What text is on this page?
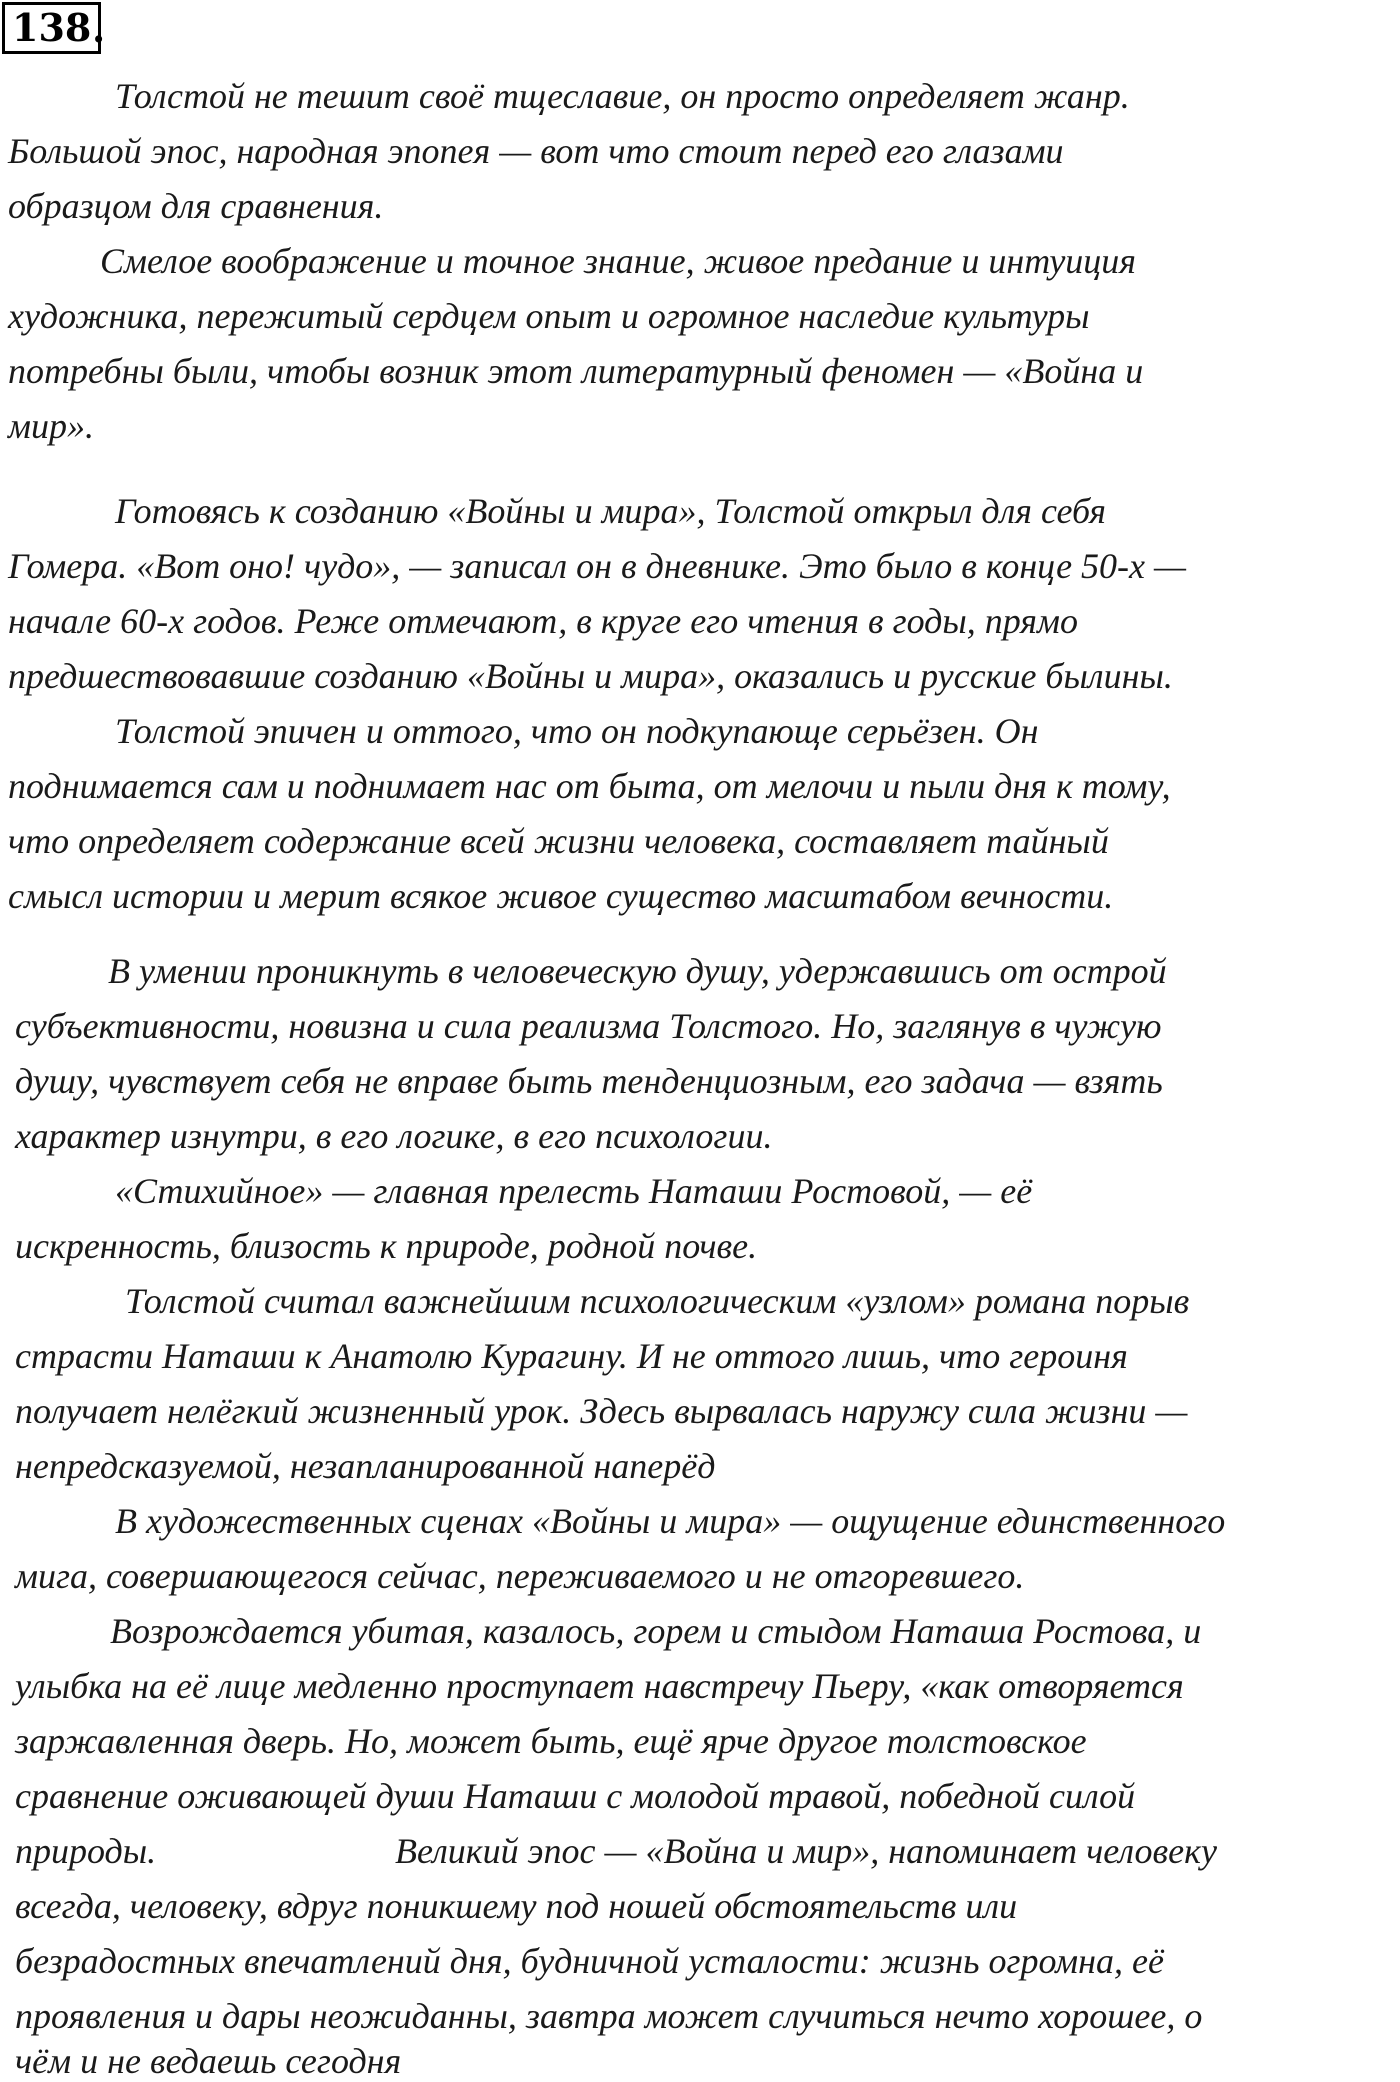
138 .
Толстой не тешит своё тщеславие, он просто определяет жанр.
Большой эпос, народная эпопея — вот что стоит перед его глазами
образцом для сравнения.
Смелое воображение и точное знание, живое предание и интуиция
художника, пережитый сердцем опыт и огромное наследие культуры
потребны были, чтобы возник этот литературный феномен — «Война и
мир».
Готовясь к созданию «Войны и мира», Толстой открыл для себя
Гомера. «Вот оно! чудо», — записал он в дневнике. Это было в конце 50-х —
начале 60-х годов. Реже отмечают, в круге его чтения в годы, прямо
предшествовавшие созданию «Войны и мира», оказались и русские былины.
Толстой эпичен и оттого, что он подкупающе серьёзен. Он
поднимается сам и поднимает нас от быта, от мелочи и пыли дня к тому,
что определяет содержание всей жизни человека, составляет тайный
смысл истории и мерит всякое живое существо масштабом вечности.
В умении проникнуть в человеческую душу, удержавшись от острой
субъективности, новизна и сила реализма Толстого. Но, заглянув в чужую
душу, чувствует себя не вправе быть тенденциозным, его задача — взять
характер изнутри, в его логике, в его психологии.
«Стихийное» — главная прелесть Наташи Ростовой, — её
искренность, близость к природе, родной почве.
Толстой считал важнейшим психологическим «узлом» романа порыв
страсти Наташи к Анатолю Курагину. И не оттого лишь, что героиня
получает нелёгкий жизненный урок. Здесь вырвалась наружу сила жизни —
непредсказуемой, незапланированной наперёд
В художественных сценах «Войны и мира» — ощущение единственного
мига, совершающегося сейчас, переживаемого и не отгоревшего.
Возрождается убитая, казалось, горем и стыдом Наташа Ростова, и
улыбка на её лице медленно проступает навстречу Пьеру, «как отворяется
заржавленная дверь. Но, может быть, ещё ярче другое толстовское
сравнение оживающей души Наташи с молодой травой, победной силой
природы.	Великий эпос — «Война и мир», напоминает человеку
всегда, человеку, вдруг поникшему под ношей обстоятельств или
безрадостных впечатлений дня, будничной усталости: жизнь огромна, её
проявления и дары неожиданны, завтра может случиться нечто хорошее, о
чём и не ведаешь сегодня
